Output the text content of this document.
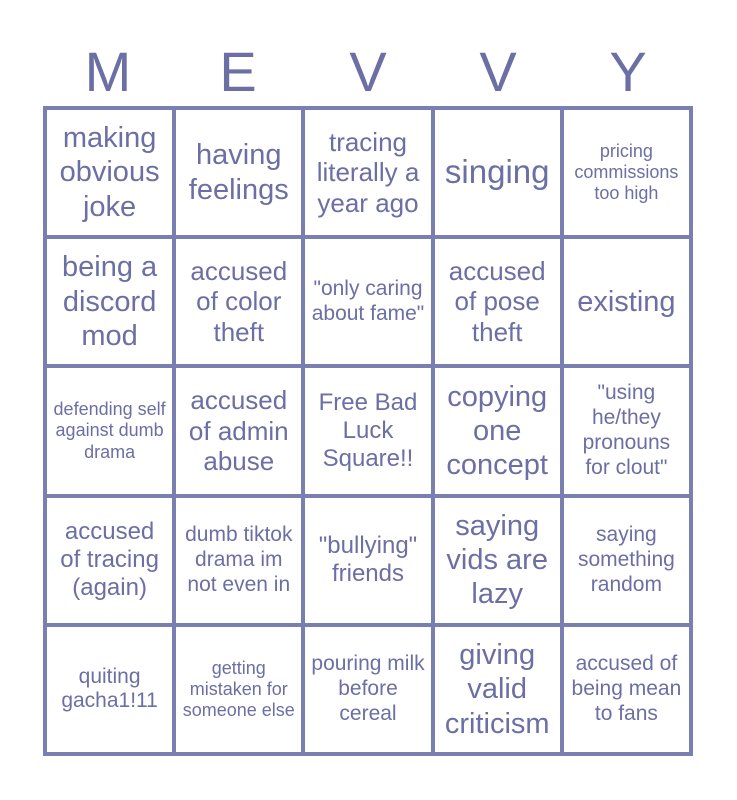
M	E	V	V	Y
making obvious joke
having feelings
tracing literally a year ago
singing
pricing commissions too high
being a discord mod
accused of color theft
"only caring about fame"
accused of pose theft
existing
defending self against dumb drama
accused of admin abuse
Free Bad Luck Square!!
copying one concept
"using he/they pronouns for clout"
accused of tracing (again)
dumb tiktok drama im not even in
"bullying" friends
saying vids are lazy
saying something random
quiting gacha1!11
getting mistaken for someone else
pouring milk before cereal
giving valid criticism
accused of being mean to fans
